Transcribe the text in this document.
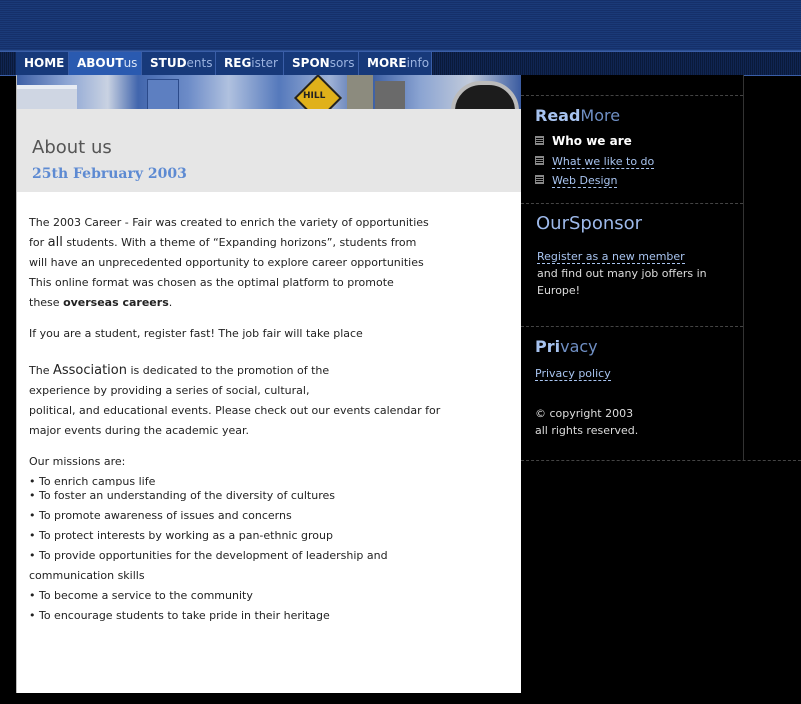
HOME	ABOUTus	STUDents REGister	SPONsors	MOREinfo
HILL
About us
25th February 2003

The 2003 Career - Fair was created to enrich the variety of opportunities

for all students. With a theme of “Expanding horizons”, students from

will have an unprecedented opportunity to explore career opportunities

This online format was chosen as the optimal platform to promote

these overseas careers.

If you are a student, register fast! The job fair will take place

The Association is dedicated to the promotion of the

experience by providing a series of social, cultural,

political, and educational events. Please check out our events calendar for

major events during the academic year.

Our missions are:

• To enrich campus life

• To foster an understanding of the diversity of cultures

• To promote awareness of issues and concerns

• To protect interests by working as a pan-ethnic group

• To provide opportunities for the development of leadership and

communication skills

• To become a service to the community

• To encourage students to take pride in their heritage

ReadMore
Who we are
What we like to do
Web Design
OurSponsor
Register as a new member
and find out many job offers in Europe!
Privacy
Privacy policy
© copyright 2003
all rights reserved.
